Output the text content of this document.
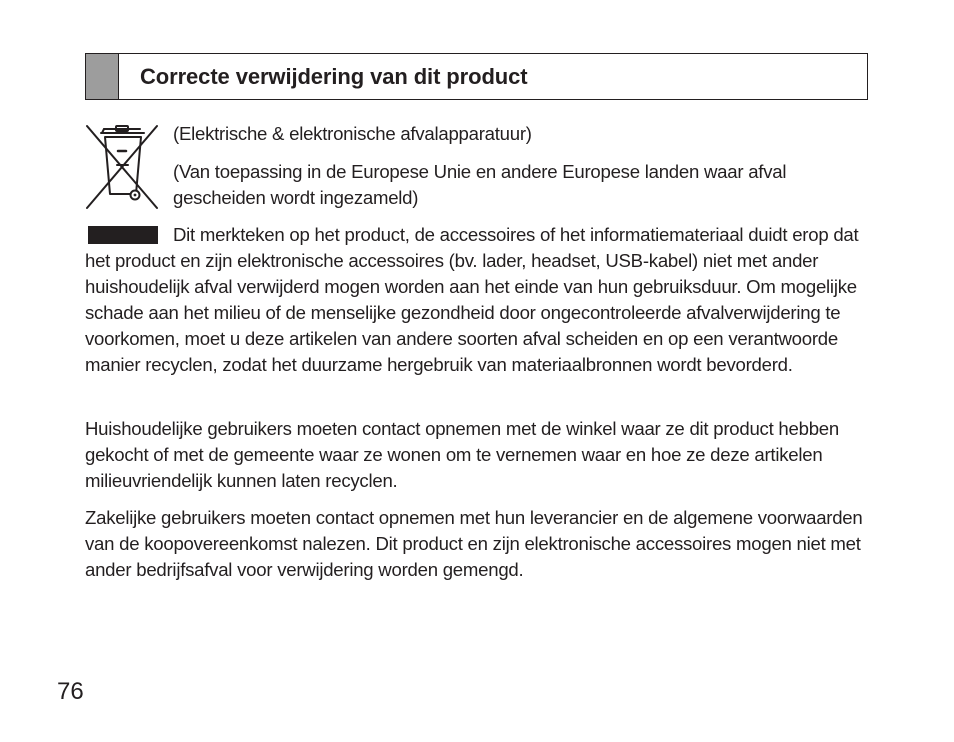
Correcte verwijdering van dit product

(Elektrische & elektronische afvalapparatuur)

(Van toepassing in de Europese Unie en andere Europese landen waar afval gescheiden wordt ingezameld)

Dit merkteken op het product, de accessoires of het informatiemateriaal duidt erop dat het product en zijn elektronische accessoires (bv. lader, headset, USB-kabel) niet met ander huishoudelijk afval verwijderd mogen worden aan het einde van hun gebruiksduur. Om mogelijke schade aan het milieu of de menselijke gezondheid door ongecontroleerde afvalverwijdering te voorkomen, moet u deze artikelen van andere soorten afval scheiden en op een verantwoorde manier recyclen, zodat het duurzame hergebruik van materiaalbronnen wordt bevorderd.

Huishoudelijke gebruikers moeten contact opnemen met de winkel waar ze dit product hebben gekocht of met de gemeente waar ze wonen om te vernemen waar en hoe ze deze artikelen milieuvriendelijk kunnen laten recyclen.

Zakelijke gebruikers moeten contact opnemen met hun leverancier en de algemene voorwaarden van de koopovereenkomst nalezen. Dit product en zijn elektronische accessoires mogen niet met ander bedrijfsafval voor verwijdering worden gemengd.

76
